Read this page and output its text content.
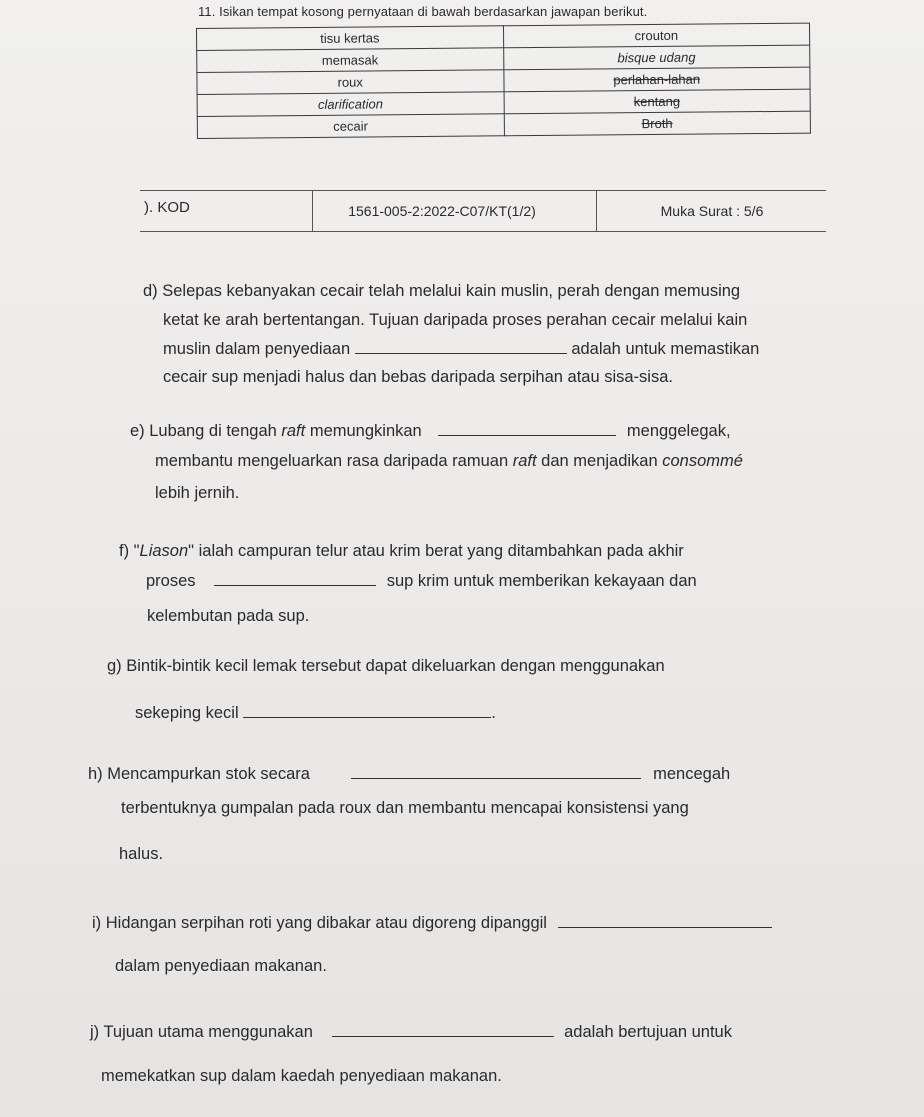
11. Isikan tempat kosong pernyataan di bawah berdasarkan jawapan berikut.
tisu kertas	crouton
memasak	bisque udang
roux	perlahan-lahan
clarification	kentang
cecair	Broth
). KOD	1561-005-2:2022-C07/KT(1/2)	Muka Surat : 5/6
d) Selepas kebanyakan cecair telah melalui kain muslin, perah dengan memusing
ketat ke arah bertentangan. Tujuan daripada proses perahan cecair melalui kain
muslin dalam penyediaan	adalah untuk memastikan
cecair sup menjadi halus dan bebas daripada serpihan atau sisa-sisa.
e) Lubang di tengah raft memungkinkan	menggelegak,
membantu mengeluarkan rasa daripada ramuan raft dan menjadikan consommé
lebih jernih.
f) "Liason" ialah campuran telur atau krim berat yang ditambahkan pada akhir
proses	sup krim untuk memberikan kekayaan dan
kelembutan pada sup.
g) Bintik-bintik kecil lemak tersebut dapat dikeluarkan dengan menggunakan
sekeping kecil	.
h) Mencampurkan stok secara	mencegah
terbentuknya gumpalan pada roux dan membantu mencapai konsistensi yang
halus.
i) Hidangan serpihan roti yang dibakar atau digoreng dipanggil
dalam penyediaan makanan.
j) Tujuan utama menggunakan	adalah bertujuan untuk
memekatkan sup dalam kaedah penyediaan makanan.
